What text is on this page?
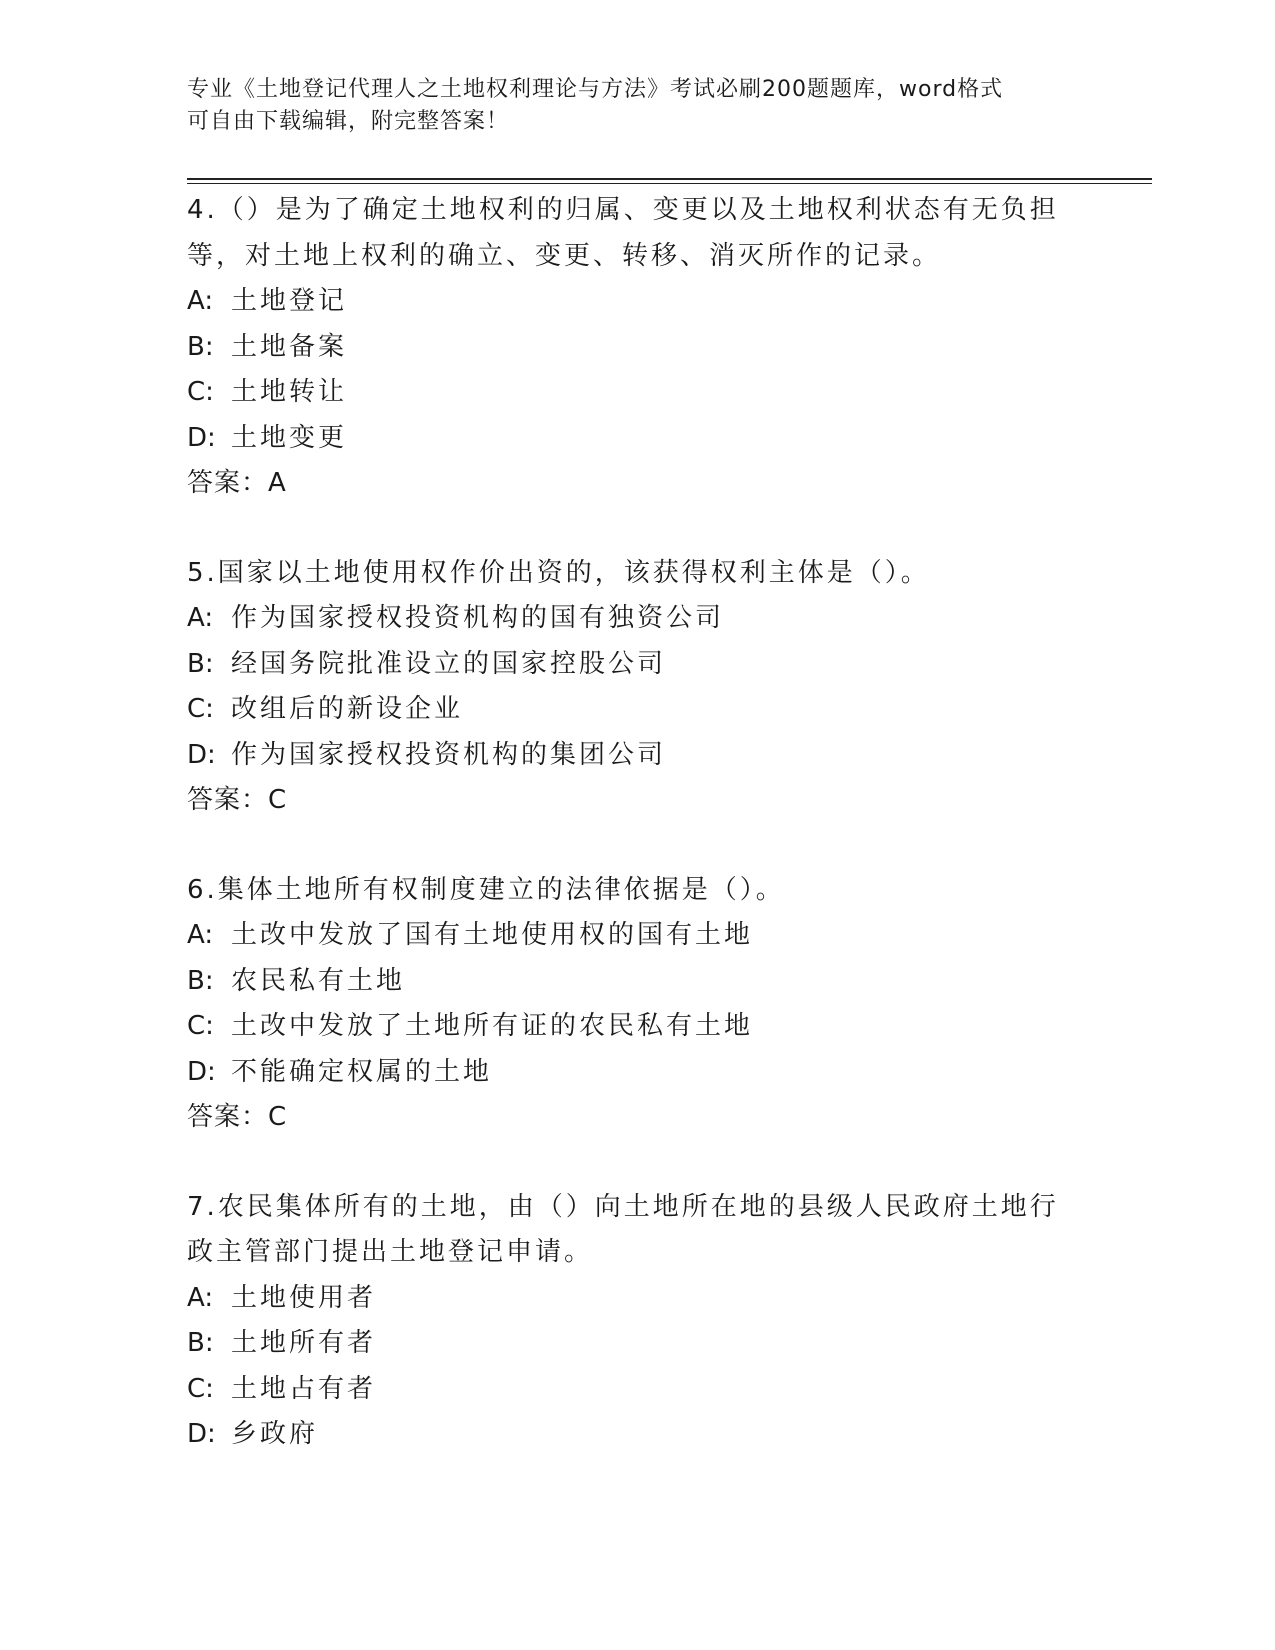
专业《土地登记代理人之土地权利理论与方法》考试必刷200题题库，word格式
可自由下载编辑，附完整答案！
4.（）是为了确定土地权利的归属、变更以及土地权利状态有无负担
等，对土地上权利的确立、变更、转移、消灭所作的记录。
A: 土地登记
B: 土地备案
C: 土地转让
D: 土地变更
答案：A
5.国家以土地使用权作价出资的，该获得权利主体是（）。
A: 作为国家授权投资机构的国有独资公司
B: 经国务院批准设立的国家控股公司
C: 改组后的新设企业
D: 作为国家授权投资机构的集团公司
答案：C
6.集体土地所有权制度建立的法律依据是（）。
A: 土改中发放了国有土地使用权的国有土地
B: 农民私有土地
C: 土改中发放了土地所有证的农民私有土地
D: 不能确定权属的土地
答案：C
7.农民集体所有的土地，由（）向土地所在地的县级人民政府土地行
政主管部门提出土地登记申请。
A: 土地使用者
B: 土地所有者
C: 土地占有者
D: 乡政府
